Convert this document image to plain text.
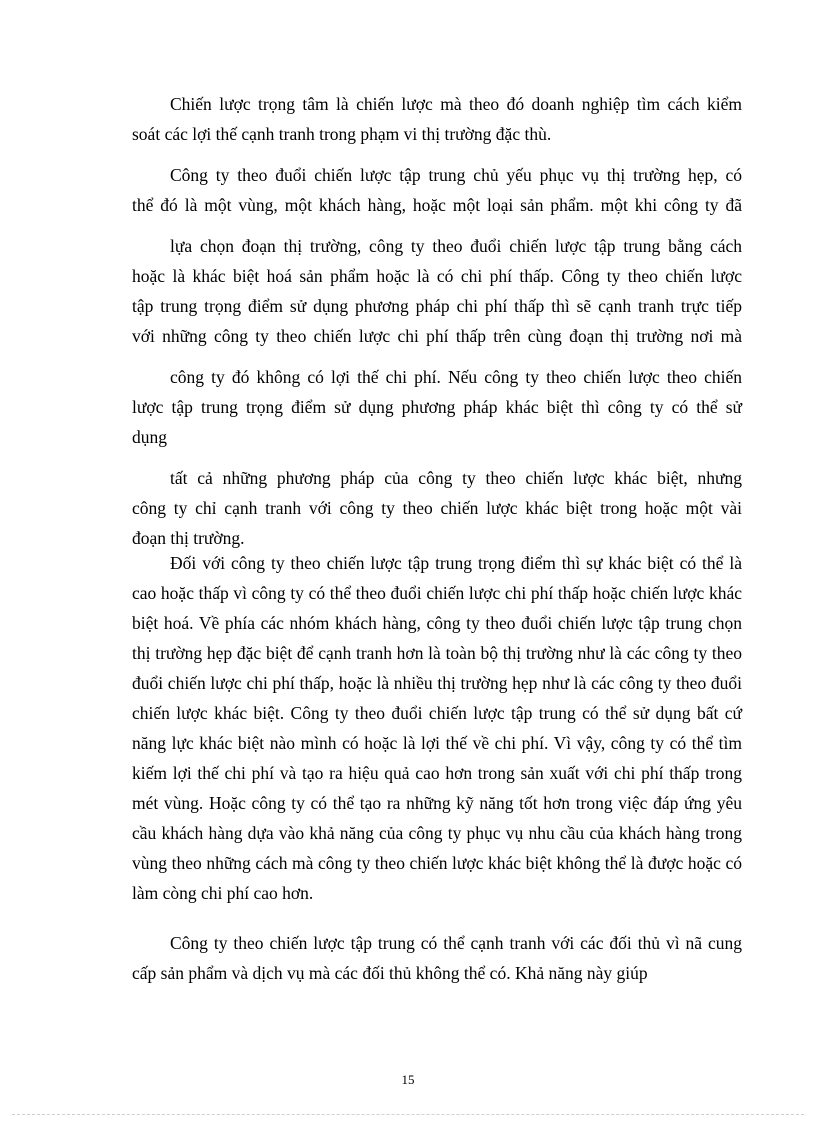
Chiến lược trọng tâm là chiến lược mà theo đó doanh nghiệp tìm cách kiểm
soát các lợi thế cạnh tranh trong phạm vi thị trường đặc thù.
Công ty theo đuổi chiến lược tập trung chủ yếu phục vụ thị trường hẹp, có
thể đó là một vùng, một khách hàng, hoặc một loại sản phẩm. một khi công ty đã
lựa chọn đoạn thị trường, công ty theo đuổi chiến lược tập trung bằng cách
hoặc là khác biệt hoá sản phẩm hoặc là có chi phí thấp. Công ty theo chiến lược
tập trung trọng điểm sử dụng phương pháp chi phí thấp thì sẽ cạnh tranh trực tiếp
với những công ty theo chiến lược chi phí thấp trên cùng đoạn thị trường nơi mà
công ty đó không có lợi thế chi phí. Nếu công ty theo chiến lược theo chiến
lược tập trung trọng điểm sử dụng phương pháp khác biệt thì công ty có thể sử
dụng
tất cả những phương pháp của công ty theo chiến lược khác biệt, nhưng
công ty chỉ cạnh tranh với công ty theo chiến lược khác biệt trong hoặc một vài
đoạn thị trường.

Đối với công ty theo chiến lược tập trung trọng điểm thì sự khác biệt có thể là cao hoặc thấp vì công ty có thể theo đuổi chiến lược chi phí thấp hoặc chiến lược khác biệt hoá. Về phía các nhóm khách hàng, công ty theo đuổi chiến lược tập trung chọn thị trường hẹp đặc biệt để cạnh tranh hơn là toàn bộ thị trường như là các công ty theo đuổi chiến lược chi phí thấp, hoặc là nhiều thị trường hẹp như là các công ty theo đuổi chiến lược khác biệt. Công ty theo đuổi chiến lược tập trung có thể sử dụng bất cứ năng lực khác biệt nào mình có hoặc là lợi thế về chi phí. Vì vậy, công ty có thể tìm kiếm lợi thế chi phí và tạo ra hiệu quả cao hơn trong sản xuất với chi phí thấp trong mét vùng. Hoặc công ty có thể tạo ra những kỹ năng tốt hơn trong việc đáp ứng yêu cầu khách hàng dựa vào khả năng của công ty phục vụ nhu cầu của khách hàng trong vùng theo những cách mà công ty theo chiến lược khác biệt không thể là được hoặc có làm còng chi phí cao hơn.

Công ty theo chiến lược tập trung có thể cạnh tranh với các đối thủ vì nã cung cấp sản phẩm và dịch vụ mà các đối thủ không thể có. Khả năng này giúp

15
